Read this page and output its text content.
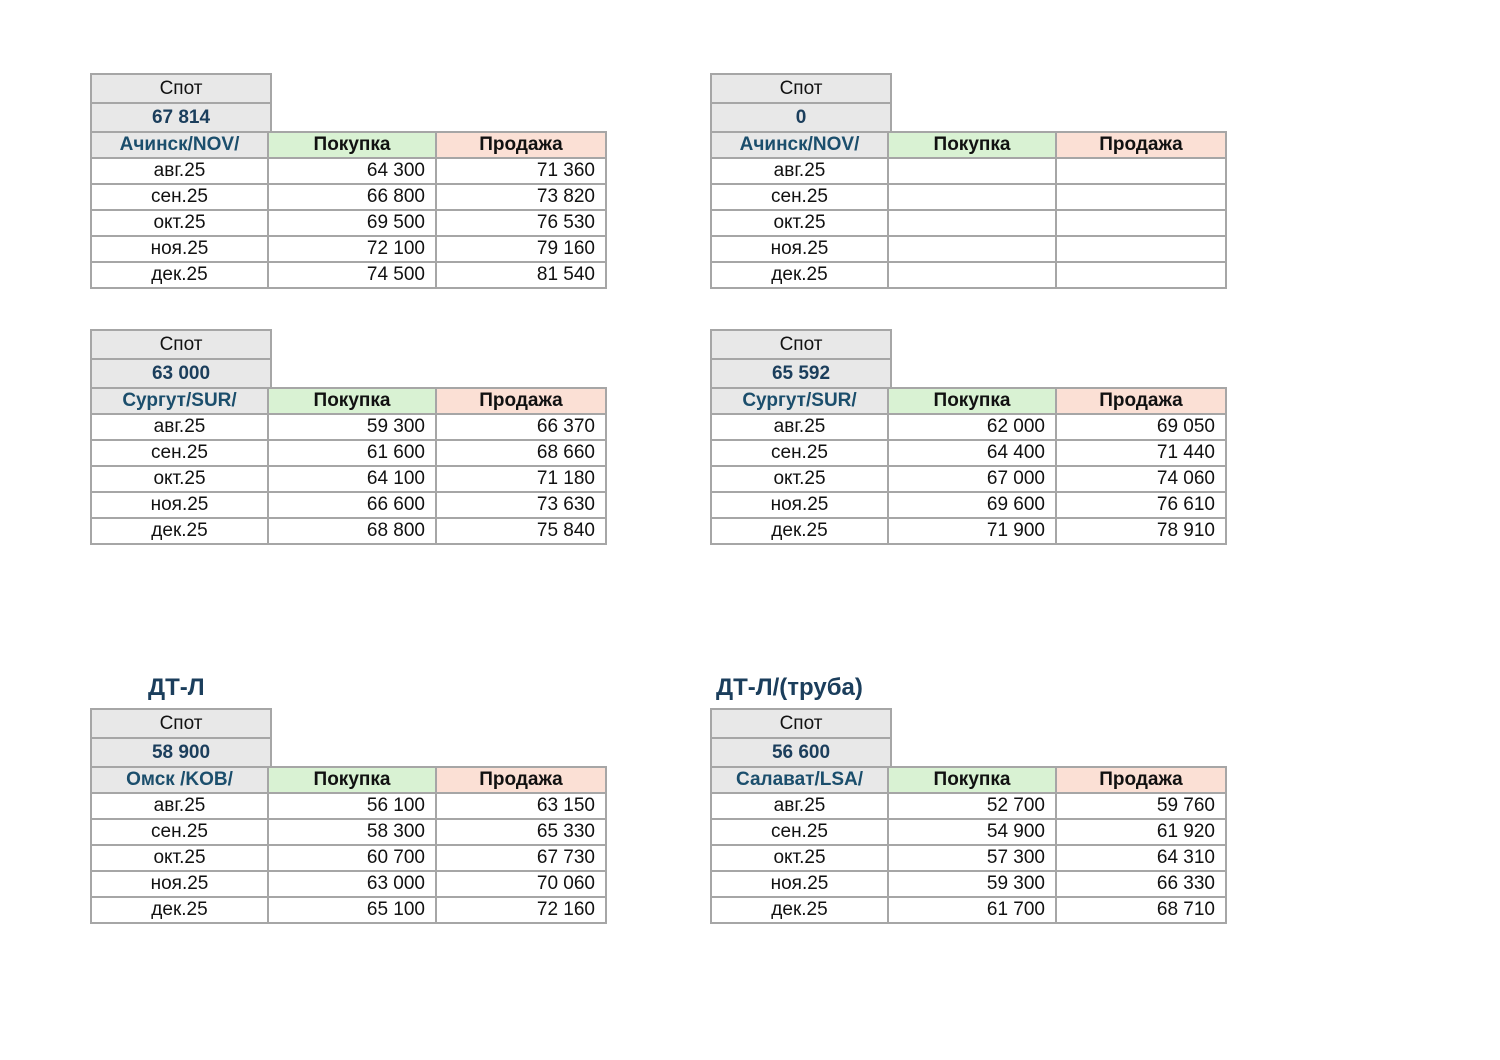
Спот
67 814
Ачинск/NOV/	Покупка	Продажа
авг.25	64 300	71 360
сен.25	66 800	73 820
окт.25	69 500	76 530
ноя.25	72 100	79 160
дек.25	74 500	81 540
Спот
0
Ачинск/NOV/	Покупка	Продажа
авг.25		
сен.25		
окт.25		
ноя.25		
дек.25		
Спот
63 000
Сургут/SUR/	Покупка	Продажа
авг.25	59 300	66 370
сен.25	61 600	68 660
окт.25	64 100	71 180
ноя.25	66 600	73 630
дек.25	68 800	75 840
Спот
65 592
Сургут/SUR/	Покупка	Продажа
авг.25	62 000	69 050
сен.25	64 400	71 440
окт.25	67 000	74 060
ноя.25	69 600	76 610
дек.25	71 900	78 910
ДТ-Л
Спот
58 900
Омск /KOB/	Покупка	Продажа
авг.25	56 100	63 150
сен.25	58 300	65 330
окт.25	60 700	67 730
ноя.25	63 000	70 060
дек.25	65 100	72 160
ДТ-Л/(труба)
Спот
56 600
Салават/LSA/	Покупка	Продажа
авг.25	52 700	59 760
сен.25	54 900	61 920
окт.25	57 300	64 310
ноя.25	59 300	66 330
дек.25	61 700	68 710
